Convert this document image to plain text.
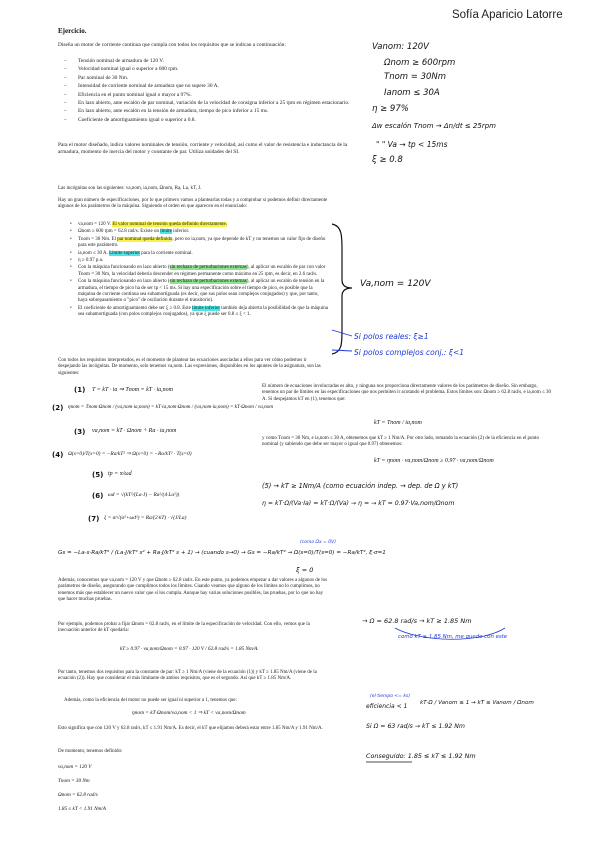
Sofía Aparicio Latorre
Ejercicio.
Diseña un motor de corriente continua que cumpla con todos los requisitos que se indican a continuación:
– Tensión nominal de armadura de 120 V.
– Velocidad nominal igual o superior a 600 rpm.
– Par nominal de 30 Nm.
– Intensidad de corriente nominal de armadura que no supere 30 A.
– Eficiencia en el punto nominal igual o mayor a 97%.
– En lazo abierto, ante escalón de par nominal, variación de la velocidad de consigna inferior a 25 rpm en régimen estacionario.
– En lazo abierto, ante escalón en la tensión de armadura, tiempo de pico inferior a 15 ms.
– Coeficiente de amortiguamiento igual o superior a 0.8.
Para el motor diseñado, indica valores nominales de tensión, corriente y velocidad, así como el valor de resistencia e inductancia de la armadura, momento de inercia del motor y constante de par. Utiliza unidades del SI.
Vanom: 120V
Ωnom ≥ 600rpm
Tnom = 30Nm
Ianom ≤ 30A
η ≥ 97%
Δw escalón Tnom → Δn/dt ≤ 25rpm
" " Va → tp < 15ms
ξ ≥ 0.8
Las incógnitas son las siguientes: va,nom, ia,nom, Ωnom, Ra, La, kT, J.
Hay un gran número de especificaciones, por lo que primero vamos a plantearlas todas y a comprobar si podemos definir directamente algunos de los parámetros de la máquina. Siguiendo el orden en que aparecen en el enunciado:
• va,nom = 120 V. El valor nominal de tensión queda definido directamente.
• Ωnom ≥ 600 rpm = 62.8 rad/s. Existe un límite inferior.
• Tnom = 30 Nm. El par nominal queda definido, pero no ia,nom, ya que depende de kT y no tenemos un valor fijo de diseño para este parámetro.
• ia,nom ≤ 30 A. Límite superior para la corriente nominal.
• η ≥ 0.97 p.u.
• Con la máquina funcionando en lazo abierto (sin rechazo de perturbaciones externas), al aplicar un escalón de par con valor Tnom = 30 Nm, la velocidad debería descender en régimen permanente como máximo en 25 rpm, es decir, en 2.6 rad/s.
• Con la máquina funcionando en lazo abierto (sin rechazo de perturbaciones externas), al aplicar un escalón de tensión en la armadura, el tiempo de pico ha de ser tp < 15 ms. Si hay una especificación sobre el tiempo de pico, es posible que la máquina de corriente continua sea subamortiguada (es decir, que sus polos sean complejos conjugados) y que, por tanto, haya sobrepasamiento o "pico" de oscilación durante el transitorio).
• El coeficiente de amortiguamiento debe ser ξ ≥ 0.8. Este límite inferior también deja abierta la posibilidad de que la máquina sea subamortiguada (con polos complejos conjugados), ya que ξ puede ser 0.8 ≤ ξ < 1.
Va,nom = 120V
Si polos reales: ξ≥1
Si polos complejos conj.: ξ<1
Con todos los requisitos interpretados, es el momento de plantear las ecuaciones asociadas a ellos para ver cómo podemos ir despejando las incógnitas. De momento, solo tenemos va,nom. Las expresiones, disponibles en los apuntes de la asignatura, son las siguientes:
(1) T = kT · ia ⇒ Tnom = kT · ia,nom
(2) ηnom = Tnom·Ωnom / (va,nom·ia,nom) = kT·ia,nom·Ωnom / (va,nom·ia,nom) = kT·Ωnom / va,nom
(3) va,nom = kT · Ωnom + Ra · ia,nom
(4) Ω(s=0)/T(s=0) = −Ra/kT² ⇒ Ω(s=0) = −Ra/kT² · T(s=0)
(5) tp = π/ωd
(6) ωd = √(kT²/(La·J) − Ra²/(4·La²))
(7) ξ = σ/√(σ²+ωd²) = Ra/(2·kT) · √(J/La)
El número de ecuaciones involucradas es alto, y ninguna nos proporciona directamente valores de los parámetros de diseño. Sin embargo, tenemos un par de límites en las especificaciones que nos permiten ir acotando el problema. Estos límites son: Ωnom ≥ 62.8 rad/s, e ia,nom ≤ 30 A. Si despejamos kT en (1), tenemos que:
kT = Tnom / ia,nom
y como Tnom = 30 Nm, e ia,nom ≤ 30 A, obtenemos que kT ≥ 1 Nm/A. Por otro lado, tomando la ecuación (2) de la eficiencia en el punto nominal (y sabiendo que debe ser mayor o igual que 0.97) obtenemos:
kT = ηnom · va,nom/Ωnom ≥ 0.97 · va,nom/Ωnom
(5) → kT ≥ 1Nm/A (como ecuación indep. → dep. de Ω y kT)
η = kT·Ω/(Va·Ia) = kT·Ω/(Va) → η = → kT = 0.97·Va,nom/Ωnom
(como Ωx = 0V)
Gs = −La·s·Ra/kT² / (La·J/kT² s² + Ra·J/kT² s + 1) → (cuando s→0) → Gs = −Ra/kT² → Ω(s=0)/T(s=0) = −Ra/kT², ξ·σ=1
ξ = 0
Además, conocemos que va,nom = 120 V y que Ωnom ≥ 62.8 rad/s. En este punto, ya podemos empezar a dar valores a algunos de los parámetros de diseño, asegurando que cumplimos todos los límites. Cuando veamos que alguno de los límites no lo cumplimos, no tenemos más que establecer un nuevo valor que sí los cumpla. Aunque hay varias soluciones posibles, las pruebas, por lo que no hay que hacer muchas pruebas.
Por ejemplo, podemos probar a fijar Ωnom = 62.8 rad/s, en el límite de la especificación de velocidad. Con ello, vemos que la inecuación anterior de kT quedaría:
kT ≥ 0.97 · va,nom/Ωnom = 0.97 · 120 V / 62.8 rad/s = 1.85 Nm/A.
Por tanto, tenemos dos requisitos para la constante de par: kT ≥ 1 Nm/A (viene de la ecuación (1)) y kT ≥ 1.85 Nm/A (viene de la ecuación (2)). Hay que considerar el más limitante de ambos requisitos, que es el segundo. Así que kT ≥ 1.85 Nm/A.
Además, como la eficiencia del motor no puede ser igual ni superior a 1, tenemos que:
ηnom = kT·Ωnom/va,nom < 1 ⇒ kT < va,nom/Ωnom
Esto significa que con 120 V y 62.8 rad/s, kT ≤ 1.91 Nm/A. Es decir, el kT que elijamos deberá estar entre 1.85 Nm/A y 1.91 Nm/A.
De momento, tenemos definido:
va,nom = 120 V
Tnom = 30 Nm
Ωnom = 62.8 rad/s
1.85 ≤ kT < 1.91 Nm/A
→ Ω = 62.8 rad/s → kT ≥ 1.85 Nm
como kT ≥ 1.85 Nm, me quedo con este
(el tiempo <= ks)
eficiencia < 1 kT·Ω / Vanom ≤ 1 → kT ≤ Vanom / Ωnom
Si Ω = 63 rad/s → kT ≤ 1.92 Nm
Conseguido: 1.85 ≤ kT ≤ 1.92 Nm
